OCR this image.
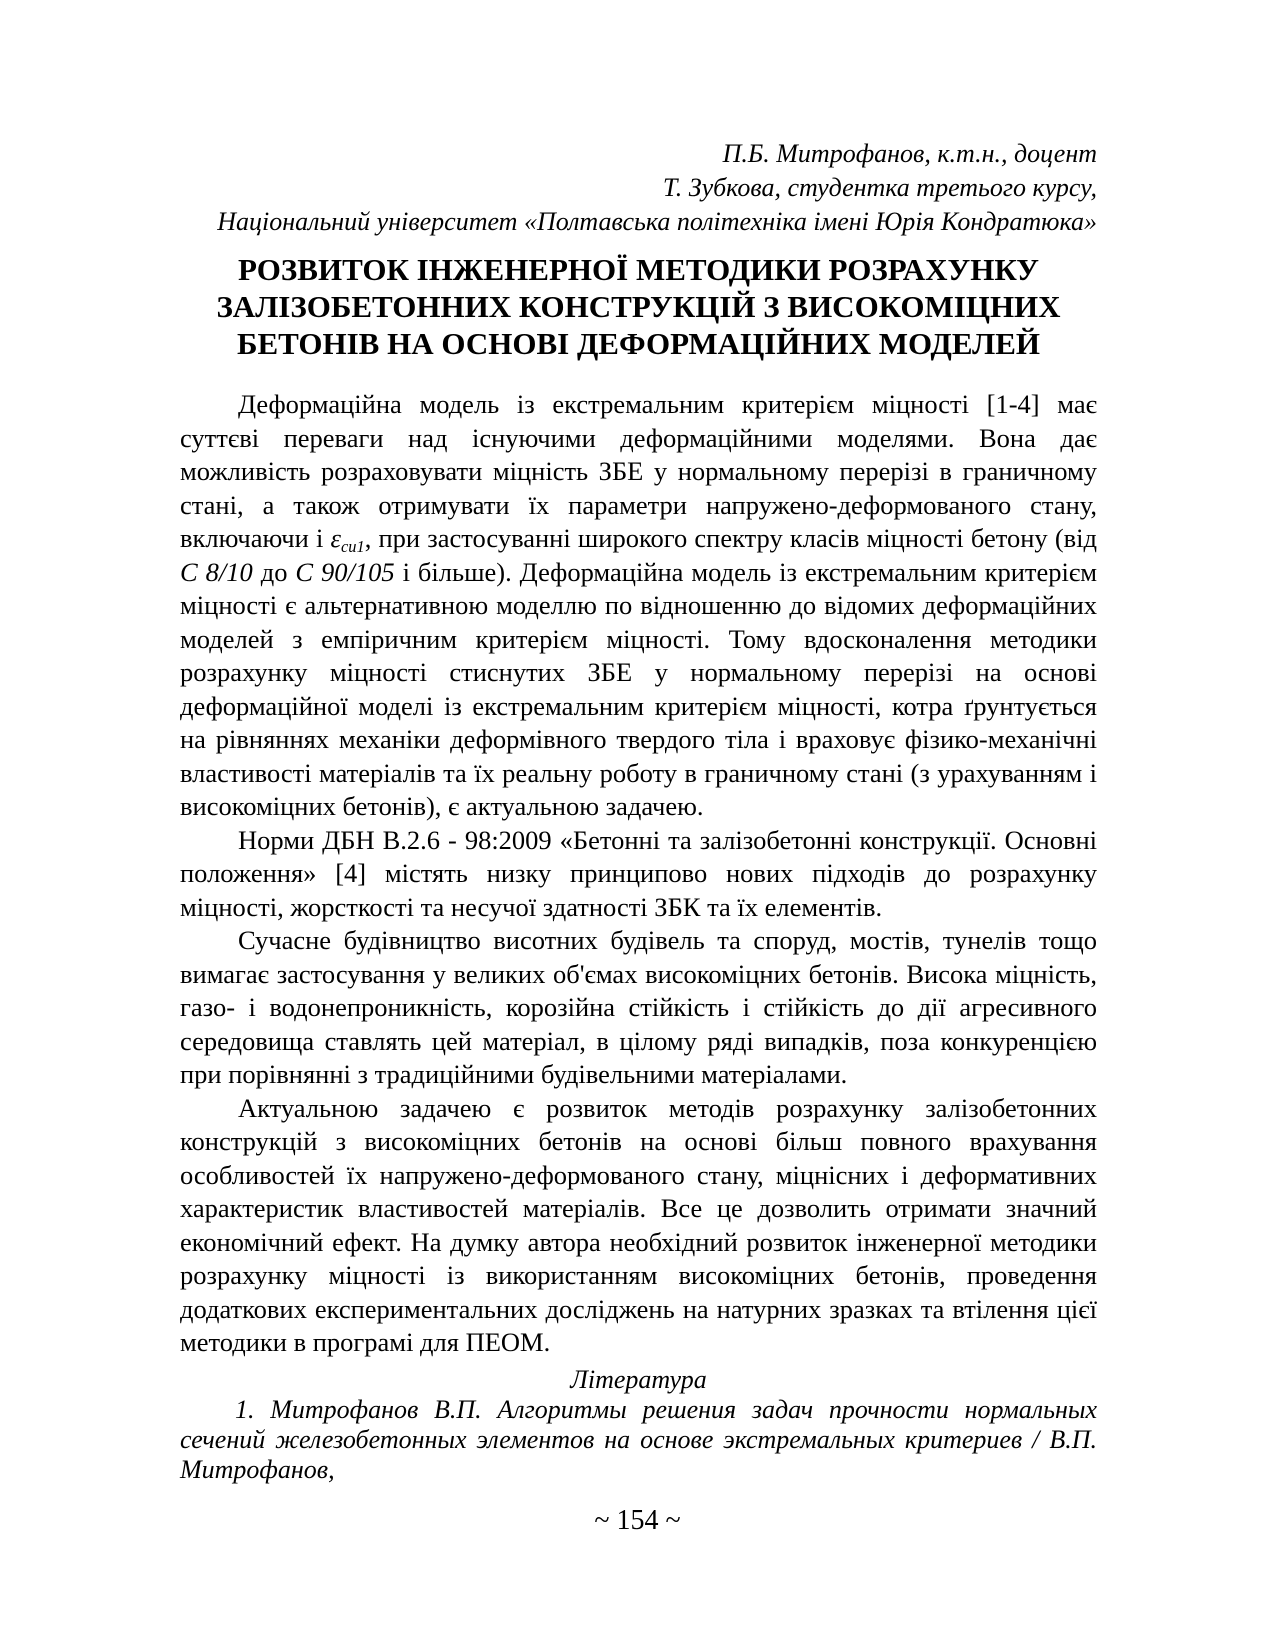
П.Б. Митрофанов, к.т.н., доцент
Т. Зубкова, студентка третього курсу,
Національний університет «Полтавська політехніка імені Юрія Кондратюка»
РОЗВИТОК ІНЖЕНЕРНОЇ МЕТОДИКИ РОЗРАХУНКУ
ЗАЛІЗОБЕТОННИХ КОНСТРУКЦІЙ З ВИСОКОМІЦНИХ
БЕТОНІВ НА ОСНОВІ ДЕФОРМАЦІЙНИХ МОДЕЛЕЙ

Деформаційна модель із екстремальним критерієм міцності [1-4] має суттєві переваги над існуючими деформаційними моделями. Вона дає можливість розраховувати міцність ЗБЕ у нормальному перерізі в граничному стані, а також отримувати їх параметри напружено-деформованого стану, включаючи і $\varepsilon_{cu1}$, при застосуванні широкого спектру класів міцності бетону (від C 8/10 до C 90/105 і більше). Деформаційна модель із екстремальним критерієм міцності є альтернативною моделлю по відношенню до відомих деформаційних моделей з емпіричним критерієм міцності. Тому вдосконалення методики розрахунку міцності стиснутих ЗБЕ у нормальному перерізі на основі деформаційної моделі із екстремальним критерієм міцності, котра ґрунтується на рівняннях механіки деформівного твердого тіла і враховує фізико-механічні властивості матеріалів та їх реальну роботу в граничному стані (з урахуванням і високоміцних бетонів), є актуальною задачею.

Норми ДБН В.2.6 - 98:2009 «Бетонні та залізобетонні конструкції. Основні положення» [4] містять низку принципово нових підходів до розрахунку міцності, жорсткості та несучої здатності ЗБК та їх елементів.

Сучасне будівництво висотних будівель та споруд, мостів, тунелів тощо вимагає застосування у великих об'ємах високоміцних бетонів. Висока міцність, газо- і водонепроникність, корозійна стійкість і стійкість до дії агресивного середовища ставлять цей матеріал, в цілому ряді випадків, поза конкуренцією при порівнянні з традиційними будівельними матеріалами.

Актуальною задачею є розвиток методів розрахунку залізобетонних конструкцій з високоміцних бетонів на основі більш повного врахування особливостей їх напружено-деформованого стану, міцнісних і деформативних характеристик властивостей матеріалів. Все це дозволить отримати значний економічний ефект. На думку автора необхідний розвиток інженерної методики розрахунку міцності із використанням високоміцних бетонів, проведення додаткових експериментальних досліджень на натурних зразках та втілення цієї методики в програмі для ПЕОМ.

Література

1. Митрофанов В.П. Алгоритмы решения задач прочности нормальных сечений железобетонных элементов на основе экстремальных критериев / В.П. Митрофанов,

~ 154 ~
